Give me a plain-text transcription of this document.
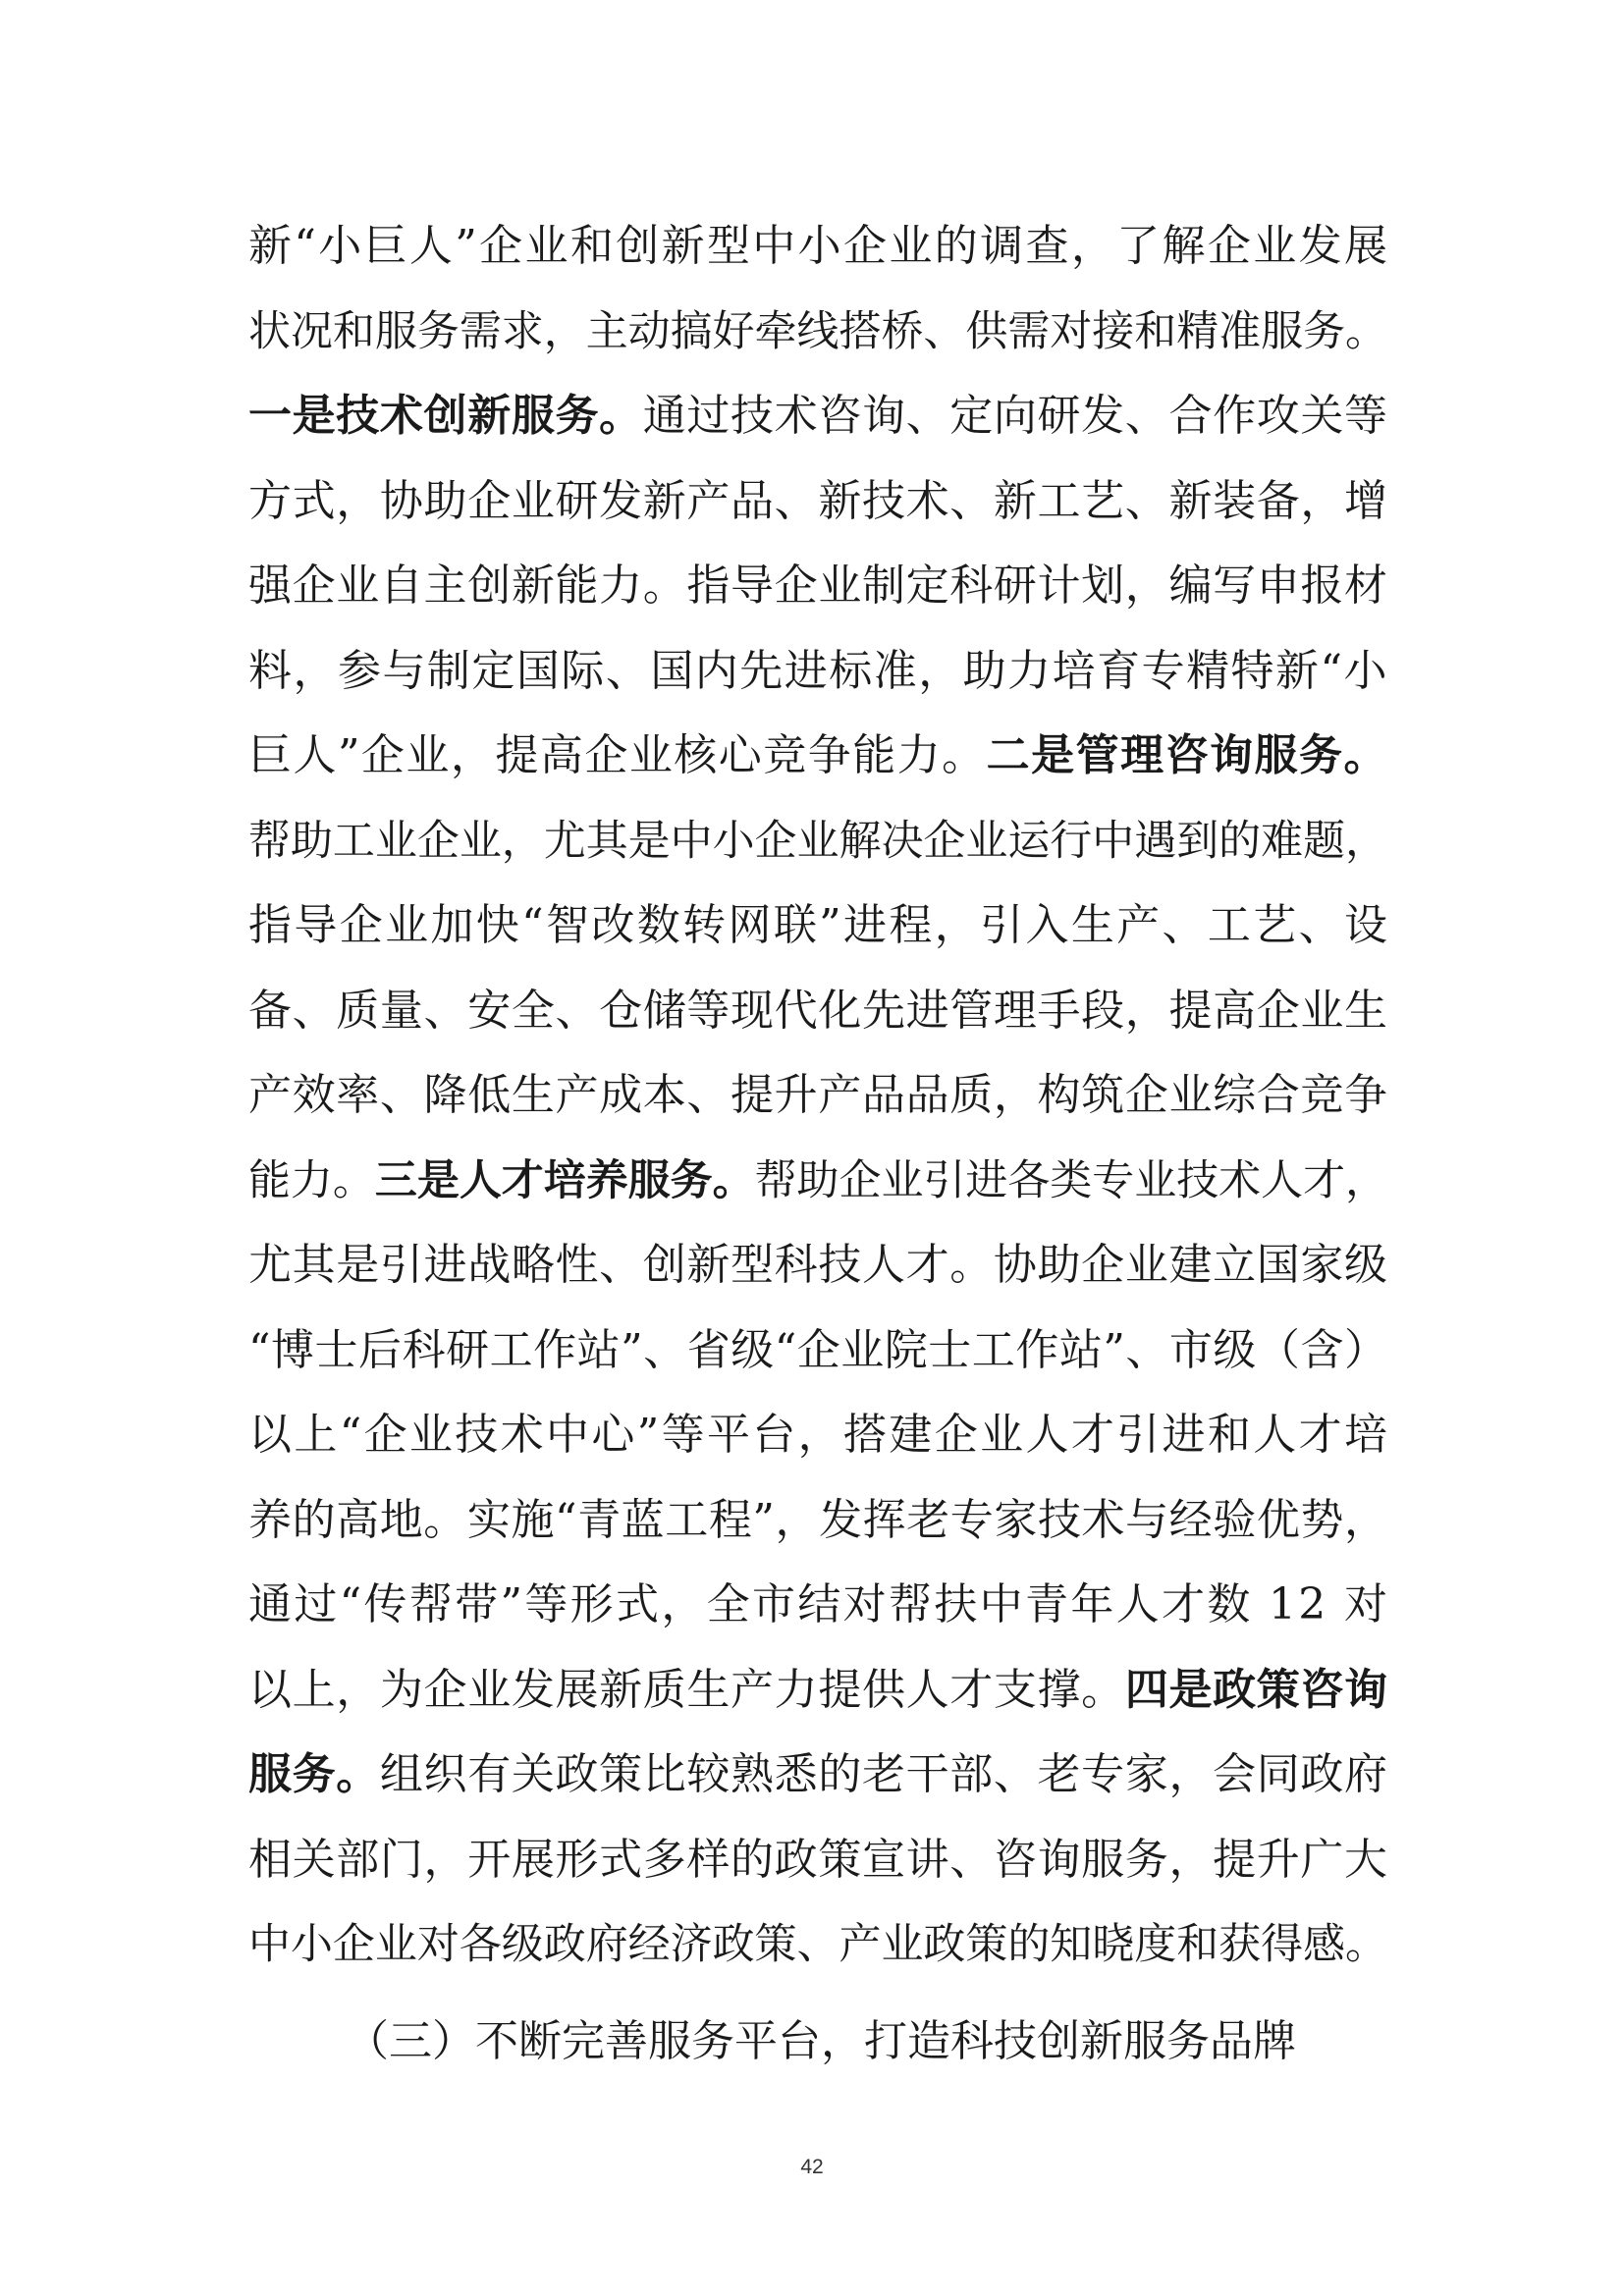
新“小巨人”企业和创新型中小企业的调查，了解企业发展
状况和服务需求，主动搞好牵线搭桥、供需对接和精准服务。
一是技术创新服务。通过技术咨询、定向研发、合作攻关等
方式，协助企业研发新产品、新技术、新工艺、新装备，增
强企业自主创新能力。指导企业制定科研计划，编写申报材
料，参与制定国际、国内先进标准，助力培育专精特新“小
巨人”企业，提高企业核心竞争能力。二是管理咨询服务。
帮助工业企业，尤其是中小企业解决企业运行中遇到的难题，
指导企业加快“智改数转网联”进程，引入生产、工艺、设
备、质量、安全、仓储等现代化先进管理手段，提高企业生
产效率、降低生产成本、提升产品品质，构筑企业综合竞争
能力。三是人才培养服务。帮助企业引进各类专业技术人才，
尤其是引进战略性、创新型科技人才。协助企业建立国家级
“博士后科研工作站”、省级“企业院士工作站”、市级（含）
以上“企业技术中心”等平台，搭建企业人才引进和人才培
养的高地。实施“青蓝工程”，发挥老专家技术与经验优势，
通过“传帮带”等形式，全市结对帮扶中青年人才数 12 对
以上，为企业发展新质生产力提供人才支撑。四是政策咨询
服务。组织有关政策比较熟悉的老干部、老专家，会同政府
相关部门，开展形式多样的政策宣讲、咨询服务，提升广大
中小企业对各级政府经济政策、产业政策的知晓度和获得感。
（三）不断完善服务平台，打造科技创新服务品牌
42
